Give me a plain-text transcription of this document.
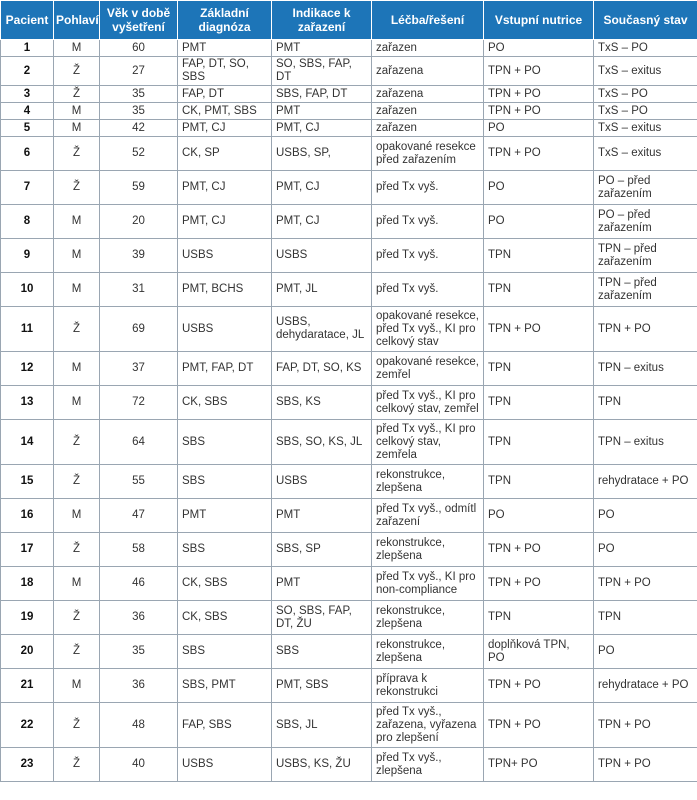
Pacient	Pohlaví	Věk v době vyšetření	Základní diagnóza	Indikace k zařazení	Léčba/řešení	Vstupní nutrice	Současný stav
1	M	60	PMT	PMT	zařazen	PO	TxS – PO
2	Ž	27	FAP, DT, SO, SBS	SO, SBS, FAP, DT	zařazena	TPN + PO	TxS – exitus
3	Ž	35	FAP, DT	SBS, FAP, DT	zařazena	TPN + PO	TxS – PO
4	M	35	CK, PMT, SBS	PMT	zařazen	TPN + PO	TxS – PO
5	M	42	PMT, CJ	PMT, CJ	zařazen	PO	TxS – exitus
6	Ž	52	CK, SP	USBS, SP,	opakované resekce před zařazením	TPN + PO	TxS – exitus
7	Ž	59	PMT, CJ	PMT, CJ	před Tx vyš.	PO	PO – před zařazením
8	M	20	PMT, CJ	PMT, CJ	před Tx vyš.	PO	PO – před zařazením
9	M	39	USBS	USBS	před Tx vyš.	TPN	TPN – před zařazením
10	M	31	PMT, BCHS	PMT, JL	před Tx vyš.	TPN	TPN – před zařazením
11	Ž	69	USBS	USBS, dehydaratace, JL	opakované resekce, před Tx vyš., KI pro celkový stav	TPN + PO	TPN + PO
12	M	37	PMT, FAP, DT	FAP, DT, SO, KS	opakované resekce, zemřel	TPN	TPN – exitus
13	M	72	CK, SBS	SBS, KS	před Tx vyš., KI pro celkový stav, zemřel	TPN	TPN
14	Ž	64	SBS	SBS, SO, KS, JL	před Tx vyš., KI pro celkový stav, zemřela	TPN	TPN – exitus
15	Ž	55	SBS	USBS	rekonstrukce, zlepšena	TPN	rehydratace + PO
16	M	47	PMT	PMT	před Tx vyš., odmítl zařazení	PO	PO
17	Ž	58	SBS	SBS, SP	rekonstrukce, zlepšena	TPN + PO	PO
18	M	46	CK, SBS	PMT	před Tx vyš., KI pro non-compliance	TPN + PO	TPN + PO
19	Ž	36	CK, SBS	SO, SBS, FAP, DT, ŽU	rekonstrukce, zlepšena	TPN	TPN
20	Ž	35	SBS	SBS	rekonstrukce, zlepšena	doplňková TPN, PO	PO
21	M	36	SBS, PMT	PMT, SBS	příprava k rekonstrukci	TPN + PO	rehydratace + PO
22	Ž	48	FAP, SBS	SBS, JL	před Tx vyš., zařazena, vyřazena pro zlepšení	TPN + PO	TPN + PO
23	Ž	40	USBS	USBS, KS, ŽU	před Tx vyš., zlepšena	TPN+ PO	TPN + PO
